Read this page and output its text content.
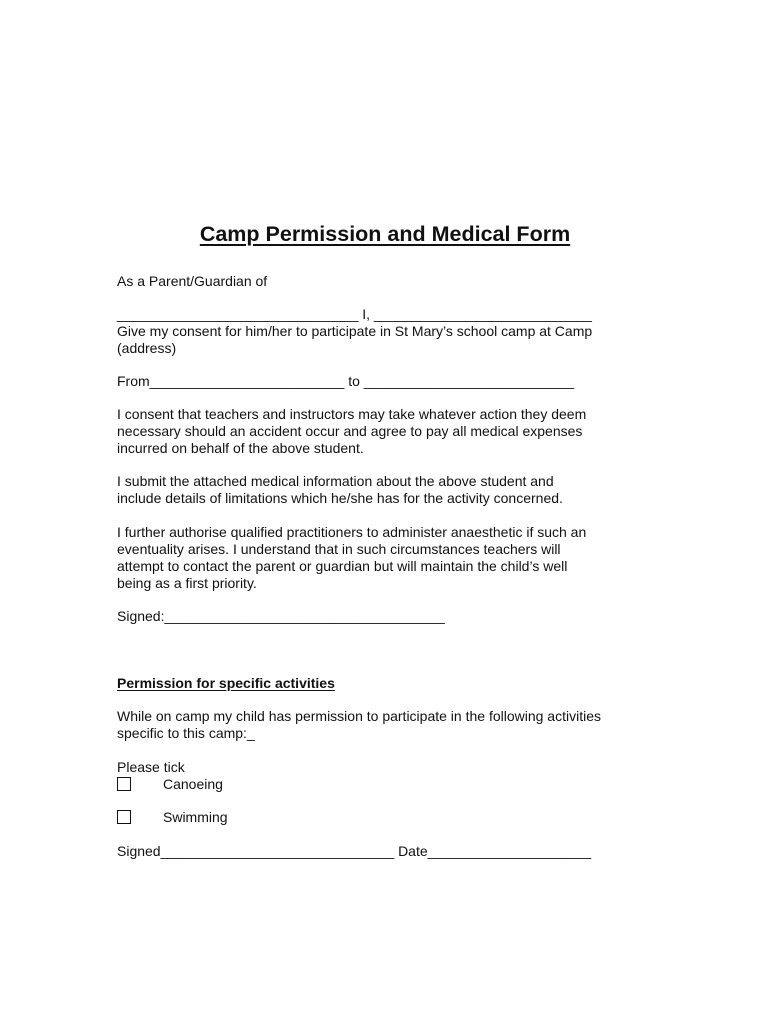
Camp Permission and Medical Form
As a Parent/Guardian of
_______________________________ I, ____________________________
Give my consent for him/her to participate in St Mary’s school camp at Camp
(address)
From_________________________ to ___________________________
I consent that teachers and instructors may take whatever action they deem
necessary should an accident occur and agree to pay all medical expenses
incurred on behalf of the above student.
I submit the attached medical information about the above student and
include details of limitations which he/she has for the activity concerned.
I further authorise qualified practitioners to administer anaesthetic if such an
eventuality arises. I understand that in such circumstances teachers will
attempt to contact the parent or guardian but will maintain the child’s well
being as a first priority.
Signed:____________________________________
Permission for specific activities
While on camp my child has permission to participate in the following activities
specific to this camp:_
Please tick
Canoeing
Swimming
Signed______________________________ Date_____________________
